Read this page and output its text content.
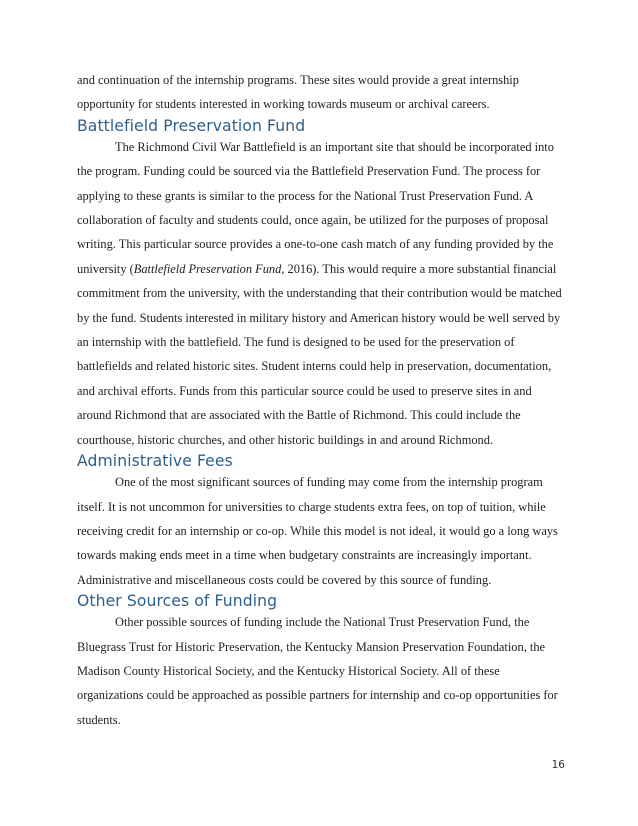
and continuation of the internship programs. These sites would provide a great internship opportunity for students interested in working towards museum or archival careers.

Battlefield Preservation Fund

The Richmond Civil War Battlefield is an important site that should be incorporated into the program. Funding could be sourced via the Battlefield Preservation Fund. The process for applying to these grants is similar to the process for the National Trust Preservation Fund. A collaboration of faculty and students could, once again, be utilized for the purposes of proposal writing. This particular source provides a one-to-one cash match of any funding provided by the university (Battlefield Preservation Fund, 2016). This would require a more substantial financial commitment from the university, with the understanding that their contribution would be matched by the fund. Students interested in military history and American history would be well served by an internship with the battlefield. The fund is designed to be used for the preservation of battlefields and related historic sites. Student interns could help in preservation, documentation, and archival efforts. Funds from this particular source could be used to preserve sites in and around Richmond that are associated with the Battle of Richmond. This could include the courthouse, historic churches, and other historic buildings in and around Richmond.

Administrative Fees

One of the most significant sources of funding may come from the internship program itself. It is not uncommon for universities to charge students extra fees, on top of tuition, while receiving credit for an internship or co-op. While this model is not ideal, it would go a long ways towards making ends meet in a time when budgetary constraints are increasingly important. Administrative and miscellaneous costs could be covered by this source of funding.

Other Sources of Funding

Other possible sources of funding include the National Trust Preservation Fund, the Bluegrass Trust for Historic Preservation, the Kentucky Mansion Preservation Foundation, the Madison County Historical Society, and the Kentucky Historical Society. All of these organizations could be approached as possible partners for internship and co-op opportunities for students.

16
